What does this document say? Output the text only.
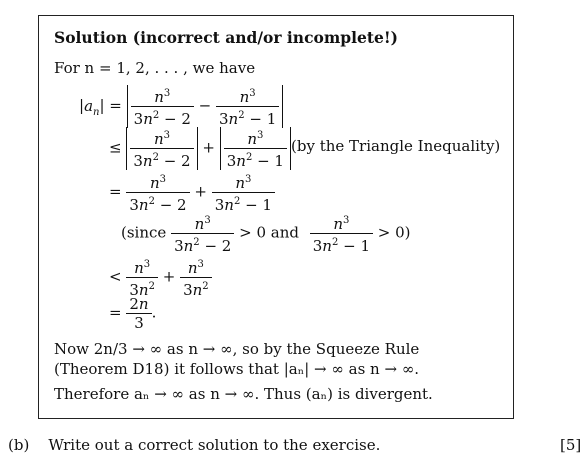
Solution (incorrect and/or incomplete!)
For n = 1, 2, . . . , we have
$|a_n| = \frac{n^3}{3n^2 - 2} - \frac{n^3}{3n^2 - 1}$
≤ $\frac{n^3}{3n^2 - 2} + \frac{n^3}{3n^2 - 1} (by$ the Triangle Inequality)
= $\frac{n^3}{3n^2 - 2} + \frac{n^3}{3n^2 - 1}$
(since $\frac{n^3}{3n^2 - 2} > 0$ and $\frac{n^3}{3n^2 - 1} > 0$)
< $\frac{n^3}{3n^2} + \frac{n^3}{3n^2}$
= $\frac{2n}{3}$ .
Now 2n/3 → ∞ as n → ∞, so by the Squeeze Rule
(Theorem D18) it follows that |aₙ| → ∞ as n → ∞.
Therefore aₙ → ∞ as n → ∞. Thus (aₙ) is divergent.
(b) Write out a correct solution to the exercise.	[5]
